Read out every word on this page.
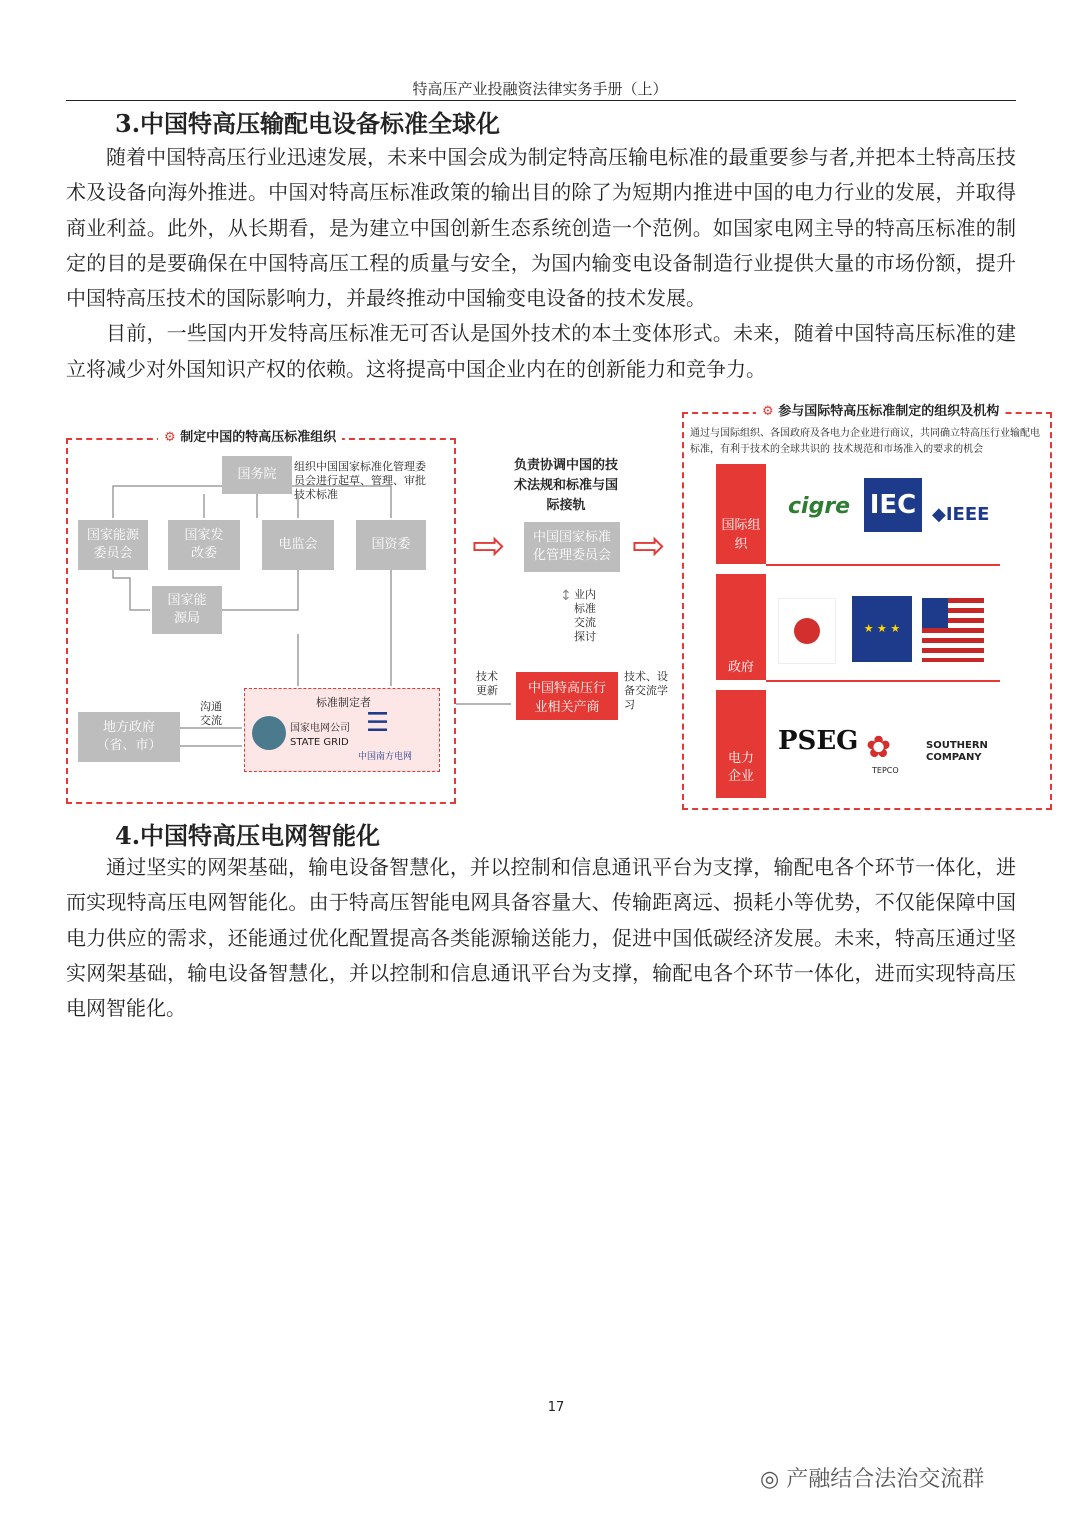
特高压产业投融资法律实务手册（上）
3.中国特高压输配电设备标准全球化

随着中国特高压行业迅速发展，未来中国会成为制定特高压输电标准的最重要参与者,并把本土特高压技术及设备向海外推进。中国对特高压标准政策的输出目的除了为短期内推进中国的电力行业的发展，并取得商业利益。此外，从长期看，是为建立中国创新生态系统创造一个范例。如国家电网主导的特高压标准的制定的目的是要确保在中国特高压工程的质量与安全，为国内输变电设备制造行业提供大量的市场份额，提升中国特高压技术的国际影响力，并最终推动中国输变电设备的技术发展。

目前，一些国内开发特高压标准无可否认是国外技术的本土变体形式。未来，随着中国特高压标准的建立将减少对外国知识产权的依赖。这将提高中国企业内在的创新能力和竞争力。

⚙ 制定中国的特高压标准组织
国务院
组织中国国家标准化管理委员会进行起草、管理、审批技术标准
国家能源委员会
国家发改委
电监会	国资委
国家能源局
地方政府（省、市）
沟通交流
标准制定者
国家电网公司
STATE GRID
☰
中国南方电网
负责协调中国的技术法规和标准与国际接轨
⇨	中国国家标准化管理委员会 ⇨
业内标准交流探讨
↕
中国特高压行业相关产商
技术更新
技术、设备交流学习
⚙ 参与国际特高压标准制定的组织及机构
通过与国际组织、各国政府及各电力企业进行商议，共同确立特高压行业输配电标准，有利于技术的全球共识的 技术规范和市场准入的要求的机会
国际组织
cigre IEC ◆IEEE
政府
★ ★ ★
电力企业
PSEG ✿
TEPCO
SOUTHERN COMPANY
4.中国特高压电网智能化

通过坚实的网架基础，输电设备智慧化，并以控制和信息通讯平台为支撑，输配电各个环节一体化，进而实现特高压电网智能化。由于特高压智能电网具备容量大、传输距离远、损耗小等优势，不仅能保障中国电力供应的需求，还能通过优化配置提高各类能源输送能力，促进中国低碳经济发展。未来，特高压通过坚实网架基础，输电设备智慧化，并以控制和信息通讯平台为支撑，输配电各个环节一体化，进而实现特高压电网智能化。

17
◎ 产融结合法治交流群
